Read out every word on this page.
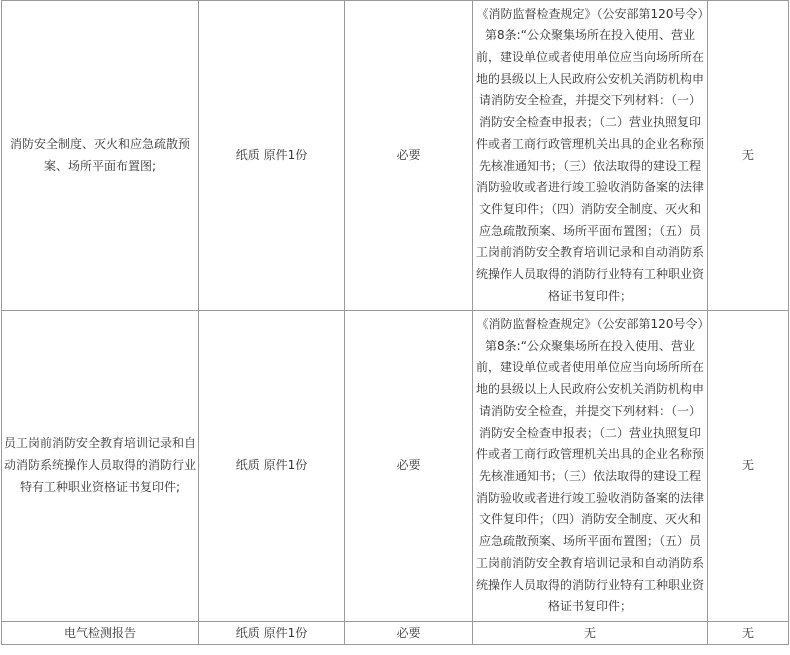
消防安全制度、灭火和应急疏散预案、场所平面布置图;	纸质 原件1份	必要	《消防监督检查规定》（公安部第120号令）第8条:“公众聚集场所在投入使用、营业前，建设单位或者使用单位应当向场所所在地的县级以上人民政府公安机关消防机构申请消防安全检查，并提交下列材料：（一）消防安全检查申报表；（二）营业执照复印件或者工商行政管理机关出具的企业名称预先核准通知书；（三）依法取得的建设工程消防验收或者进行竣工验收消防备案的法律文件复印件；（四）消防安全制度、灭火和应急疏散预案、场所平面布置图；（五）员工岗前消防安全教育培训记录和自动消防系统操作人员取得的消防行业特有工种职业资格证书复印件；	无
员工岗前消防安全教育培训记录和自动消防系统操作人员取得的消防行业特有工种职业资格证书复印件;	纸质 原件1份	必要	《消防监督检查规定》（公安部第120号令）第8条:“公众聚集场所在投入使用、营业前，建设单位或者使用单位应当向场所所在地的县级以上人民政府公安机关消防机构申请消防安全检查，并提交下列材料：（一）消防安全检查申报表；（二）营业执照复印件或者工商行政管理机关出具的企业名称预先核准通知书；（三）依法取得的建设工程消防验收或者进行竣工验收消防备案的法律文件复印件；（四）消防安全制度、灭火和应急疏散预案、场所平面布置图；（五）员工岗前消防安全教育培训记录和自动消防系统操作人员取得的消防行业特有工种职业资格证书复印件；	无
电气检测报告	纸质 原件1份	必要	无	无
